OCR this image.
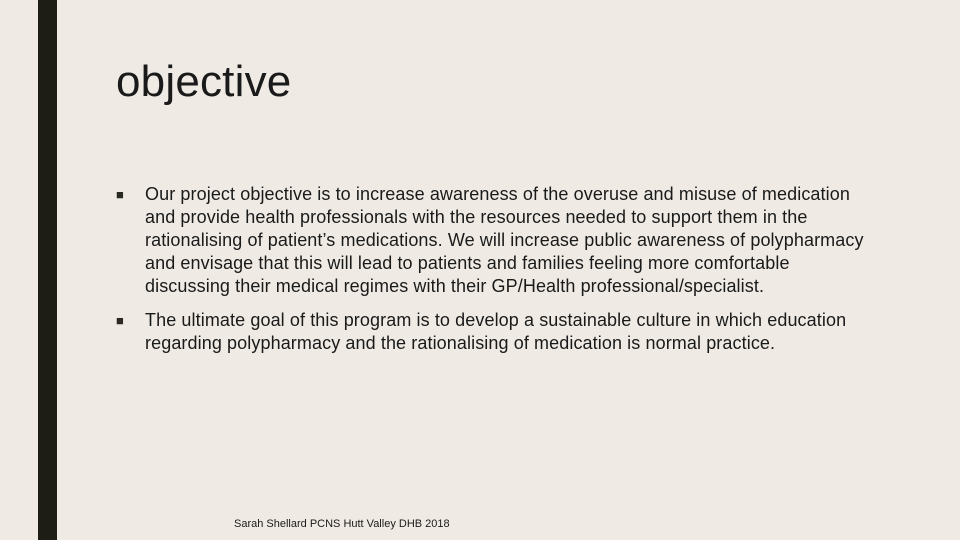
objective
■	Our project objective is to increase awareness of the overuse and misuse of medication and provide health professionals with the resources needed to support them in the rationalising of patient’s medications. We will increase public awareness of polypharmacy and envisage that this will lead to patients and families feeling more comfortable discussing their medical regimes with their GP/Health professional/specialist.
■	The ultimate goal of this program is to develop a sustainable culture in which education regarding polypharmacy and the rationalising of medication is normal practice.
Sarah Shellard PCNS Hutt Valley DHB 2018
